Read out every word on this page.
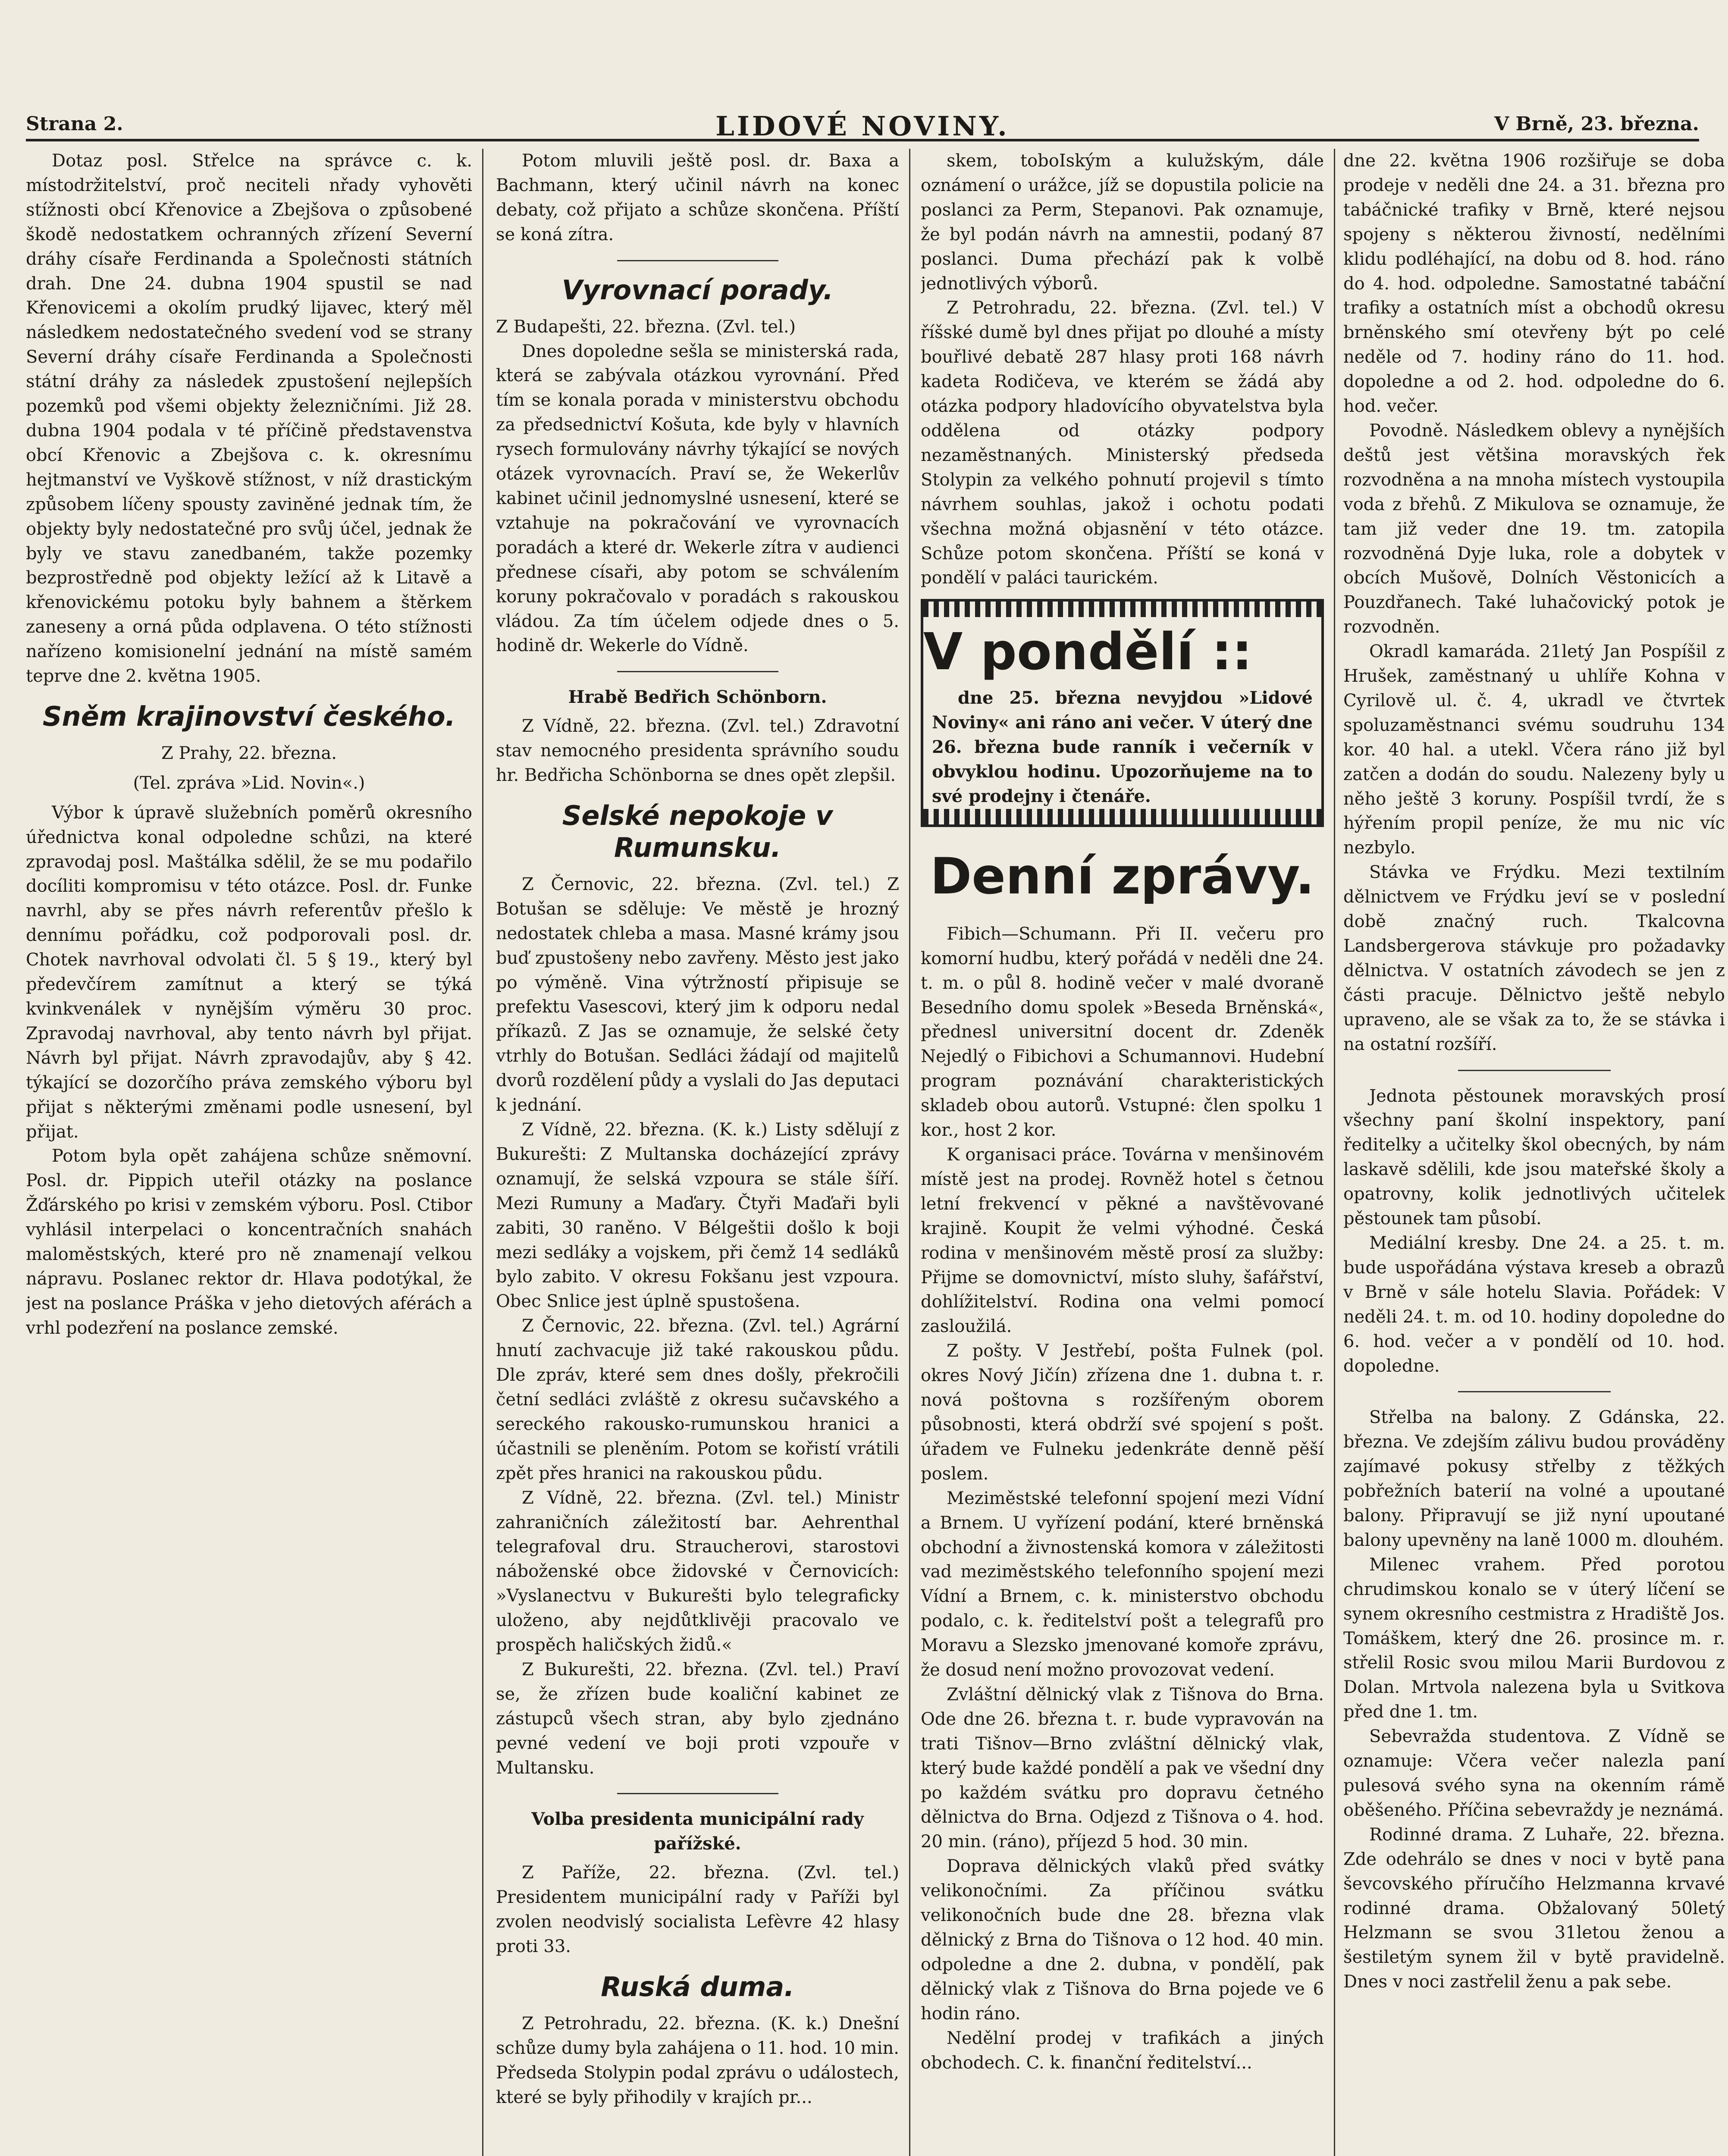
Strana 2.	LIDOVÉ NOVINY.	V Brně, 23. března.

Dotaz posl. Střelce na správce c. k. místodržitelství, proč neciteli nřady vyhověti stížnosti obcí Křenovice a Zbejšova o způsobené škodě nedostatkem ochranných zřízení Severní dráhy císaře Ferdinanda a Společnosti státních drah. Dne 24. dubna 1904 spustil se nad Křenovicemi a okolím prudký lijavec, který měl následkem nedostatečného svedení vod se strany Severní dráhy císaře Ferdinanda a Společnosti státní dráhy za následek zpustošení nejlepších pozemků pod všemi objekty železničními. Již 28. dubna 1904 podala v té příčině představenstva obcí Křenovic a Zbejšova c. k. okresnímu hejtmanství ve Vyškově stížnost, v níž drastickým způsobem líčeny spousty zaviněné jednak tím, že objekty byly nedostatečné pro svůj účel, jednak že byly ve stavu zanedbaném, takže pozemky bezprostředně pod objekty ležící až k Litavě a křenovickému potoku byly bahnem a štěrkem zaneseny a orná půda odplavena. O této stížnosti nařízeno komisionelní jednání na místě samém teprve dne 2. května 1905.

Sněm krajinovství českého.
Z Prahy, 22. března.
(Tel. zpráva »Lid. Novin«.)

Výbor k úpravě služebních poměrů okresního úřednictva konal odpoledne schůzi, na které zpravodaj posl. Maštálka sdělil, že se mu podařilo docíliti kompromisu v této otázce. Posl. dr. Funke navrhl, aby se přes návrh referentův přešlo k dennímu pořádku, což podporovali posl. dr. Chotek navrhoval odvolati čl. 5 § 19., který byl předevčírem zamítnut a který se týká kvinkvenálek v nynějším výměru 30 proc. Zpravodaj navrhoval, aby tento návrh byl přijat. Návrh byl přijat. Návrh zpravodajův, aby § 42. týkající se dozorčího práva zemského výboru byl přijat s některými změnami podle usnesení, byl přijat.

Potom byla opět zahájena schůze sněmovní. Posl. dr. Pippich uteřil otázky na poslance Žďárského po krisi v zemském výboru. Posl. Ctibor vyhlásil interpelaci o koncentračních snahách maloměstských, které pro ně znamenají velkou nápravu. Poslanec rektor dr. Hlava podotýkal, že jest na poslance Práška v jeho dietových aférách a vrhl podezření na poslance zemské.

Potom mluvili ještě posl. dr. Baxa a Bachmann, který učinil návrh na konec debaty, což přijato a schůze skončena. Příští se koná zítra.

Vyrovnací porady.

Z Budapešti, 22. března. (Zvl. tel.)

Dnes dopoledne sešla se ministerská rada, která se zabývala otázkou vyrovnání. Před tím se konala porada v ministerstvu obchodu za předsednictví Košuta, kde byly v hlavních rysech formulovány návrhy týkající se nových otázek vyrovnacích. Praví se, že Wekerlův kabinet učinil jednomyslné usnesení, které se vztahuje na pokračování ve vyrovnacích poradách a které dr. Wekerle zítra v audienci přednese císaři, aby potom se schválením koruny pokračovalo v poradách s rakouskou vládou. Za tím účelem odjede dnes o 5. hodině dr. Wekerle do Vídně.

Hrabě Bedřich Schönborn.

Z Vídně, 22. března. (Zvl. tel.) Zdravotní stav nemocného presidenta správního soudu hr. Bedřicha Schönborna se dnes opět zlepšil.

Selské nepokoje v Rumunsku.

Z Černovic, 22. března. (Zvl. tel.) Z Botušan se sděluje: Ve městě je hrozný nedostatek chleba a masa. Masné krámy jsou buď zpustošeny nebo zavřeny. Město jest jako po výměně. Vina výtržností připisuje se prefektu Vasescovi, který jim k odporu nedal příkazů. Z Jas se oznamuje, že selské čety vtrhly do Botušan. Sedláci žádají od majitelů dvorů rozdělení půdy a vyslali do Jas deputaci k jednání.

Z Vídně, 22. března. (K. k.) Listy sdělují z Bukurešti: Z Multanska docházející zprávy oznamují, že selská vzpoura se stále šíří. Mezi Rumuny a Maďary. Čtyři Maďaři byli zabiti, 30 raněno. V Bélgeštii došlo k boji mezi sedláky a vojskem, při čemž 14 sedláků bylo zabito. V okresu Fokšanu jest vzpoura. Obec Snlice jest úplně spustošena.

Z Černovic, 22. března. (Zvl. tel.) Agrární hnutí zachvacuje již také rakouskou půdu. Dle zpráv, které sem dnes došly, překročili četní sedláci zvláště z okresu sučavského a sereckého rakousko-rumunskou hranici a účastnili se pleněním. Potom se kořistí vrátili zpět přes hranici na rakouskou půdu.

Z Vídně, 22. března. (Zvl. tel.) Ministr zahraničních záležitostí bar. Aehrenthal telegrafoval dru. Straucherovi, starostovi náboženské obce židovské v Černovicích: »Vyslanectvu v Bukurešti bylo telegraficky uloženo, aby nejdůtklivěji pracovalo ve prospěch haličských židů.«

Z Bukurešti, 22. března. (Zvl. tel.) Praví se, že zřízen bude koaliční kabinet ze zástupců všech stran, aby bylo zjednáno pevné vedení ve boji proti vzpouře v Multansku.

Volba presidenta municipální rady pařížské.

Z Paříže, 22. března. (Zvl. tel.) Presidentem municipální rady v Paříži byl zvolen neodvislý socialista Lefèvre 42 hlasy proti 33.

Ruská duma.

Z Petrohradu, 22. března. (K. k.) Dnešní schůze dumy byla zahájena o 11. hod. 10 min. Předseda Stolypin podal zprávu o událostech, které se byly přihodily v krajích pr...

skem, toboIským a kulužským, dále oznámení o urážce, jíž se dopustila policie na poslanci za Perm, Stepanovi. Pak oznamuje, že byl podán návrh na amnestii, podaný 87 poslanci. Duma přechází pak k volbě jednotlivých výborů.

Z Petrohradu, 22. března. (Zvl. tel.) V říšské dumě byl dnes přijat po dlouhé a místy bouřlivé debatě 287 hlasy proti 168 návrh kadeta Rodičeva, ve kterém se žádá aby otázka podpory hladovícího obyvatelstva byla oddělena od otázky podpory nezaměstnaných. Ministerský předseda Stolypin za velkého pohnutí projevil s tímto návrhem souhlas, jakož i ochotu podati všechna možná objasnění v této otázce. Schůze potom skončena. Příští se koná v pondělí v paláci taurickém.

V pondělí ::

dne 25. března nevyjdou »Lidové Noviny« ani ráno ani večer. V úterý dne 26. března bude ranník i večerník v obvyklou hodinu. Upozorňujeme na to své prodejny i čtenáře.

Denní zprávy.

Fibich—Schumann. Při II. večeru pro komorní hudbu, který pořádá v neděli dne 24. t. m. o půl 8. hodině večer v malé dvoraně Besedního domu spolek »Beseda Brněnská«, přednesl universitní docent dr. Zdeněk Nejedlý o Fibichovi a Schumannovi. Hudební program poznávání charakteristických skladeb obou autorů. Vstupné: člen spolku 1 kor., host 2 kor.

K organisaci práce. Továrna v menšinovém místě jest na prodej. Rovněž hotel s četnou letní frekvencí v pěkné a navštěvované krajině. Koupit že velmi výhodné. Česká rodina v menšinovém městě prosí za služby: Přijme se domovnictví, místo sluhy, šafářství, dohlížitelství. Rodina ona velmi pomocí zasloužilá.

Z pošty. V Jestřebí, pošta Fulnek (pol. okres Nový Jičín) zřízena dne 1. dubna t. r. nová poštovna s rozšířeným oborem působnosti, která obdrží své spojení s pošt. úřadem ve Fulneku jedenkráte denně pěší poslem.

Meziměstské telefonní spojení mezi Vídní a Brnem. U vyřízení podání, které brněnská obchodní a živnostenská komora v záležitosti vad meziměstského telefonního spojení mezi Vídní a Brnem, c. k. ministerstvo obchodu podalo, c. k. ředitelství pošt a telegrafů pro Moravu a Slezsko jmenované komoře zprávu, že dosud není možno provozovat vedení.

Zvláštní dělnický vlak z Tišnova do Brna. Ode dne 26. března t. r. bude vypravován na trati Tišnov—Brno zvláštní dělnický vlak, který bude každé pondělí a pak ve všední dny po každém svátku pro dopravu četného dělnictva do Brna. Odjezd z Tišnova o 4. hod. 20 min. (ráno), příjezd 5 hod. 30 min.

Doprava dělnických vlaků před svátky velikonočními. Za příčinou svátku velikonočních bude dne 28. března vlak dělnický z Brna do Tišnova o 12 hod. 40 min. odpoledne a dne 2. dubna, v pondělí, pak dělnický vlak z Tišnova do Brna pojede ve 6 hodin ráno.

Nedělní prodej v trafikách a jiných obchodech. C. k. finanční ředitelství...

dne 22. května 1906 rozšiřuje se doba prodeje v neděli dne 24. a 31. března pro tabáčnické trafiky v Brně, které nejsou spojeny s některou živností, nedělními klidu podléhající, na dobu od 8. hod. ráno do 4. hod. odpoledne. Samostatné tabáční trafiky a ostatních míst a obchodů okresu brněnského smí otevřeny být po celé neděle od 7. hodiny ráno do 11. hod. dopoledne a od 2. hod. odpoledne do 6. hod. večer.

Povodně. Následkem oblevy a nynějších deštů jest většina moravských řek rozvodněna a na mnoha místech vystoupila voda z břehů. Z Mikulova se oznamuje, že tam již veder dne 19. tm. zatopila rozvodněná Dyje luka, role a dobytek v obcích Mušově, Dolních Věstonicích a Pouzdřanech. Také luhačovický potok je rozvodněn.

Okradl kamaráda. 21letý Jan Pospíšil z Hrušek, zaměstnaný u uhlíře Kohna v Cyrilově ul. č. 4, ukradl ve čtvrtek spoluzaměstnanci svému soudruhu 134 kor. 40 hal. a utekl. Včera ráno již byl zatčen a dodán do soudu. Nalezeny byly u něho ještě 3 koruny. Pospíšil tvrdí, že s hýřením propil peníze, že mu nic víc nezbylo.

Stávka ve Frýdku. Mezi textilním dělnictvem ve Frýdku jeví se v poslední době značný ruch. Tkalcovna Landsbergerova stávkuje pro požadavky dělnictva. V ostatních závodech se jen z části pracuje. Dělnictvo ještě nebylo upraveno, ale se však za to, že se stávka i na ostatní rozšíří.

Jednota pěstounek moravských prosí všechny paní školní inspektory, paní ředitelky a učitelky škol obecných, by nám laskavě sdělili, kde jsou mateřské školy a opatrovny, kolik jednotlivých učitelek pěstounek tam působí.

Mediální kresby. Dne 24. a 25. t. m. bude uspořádána výstava kreseb a obrazů v Brně v sále hotelu Slavia. Pořádek: V neděli 24. t. m. od 10. hodiny dopoledne do 6. hod. večer a v pondělí od 10. hod. dopoledne.

Střelba na balony. Z Gdánska, 22. března. Ve zdejším zálivu budou prováděny zajímavé pokusy střelby z těžkých pobřežních baterií na volné a upoutané balony. Připravují se již nyní upoutané balony upevněny na laně 1000 m. dlouhém.

Milenec vrahem. Před porotou chrudimskou konalo se v úterý líčení se synem okresního cestmistra z Hradiště Jos. Tomáškem, který dne 26. prosince m. r. střelil Rosic svou milou Marii Burdovou z Dolan. Mrtvola nalezena byla u Svitkova před dne 1. tm.

Sebevražda studentova. Z Vídně se oznamuje: Včera večer nalezla paní pulesová svého syna na okenním rámě oběšeného. Příčina sebevraždy je neznámá.

Rodinné drama. Z Luhaře, 22. března. Zde odehrálo se dnes v noci v bytě pana ševcovského příručího Helzmanna krvavé rodinné drama. Obžalovaný 50letý Helzmann se svou 31letou ženou a šestiletým synem žil v bytě pravidelně. Dnes v noci zastřelil ženu a pak sebe.
